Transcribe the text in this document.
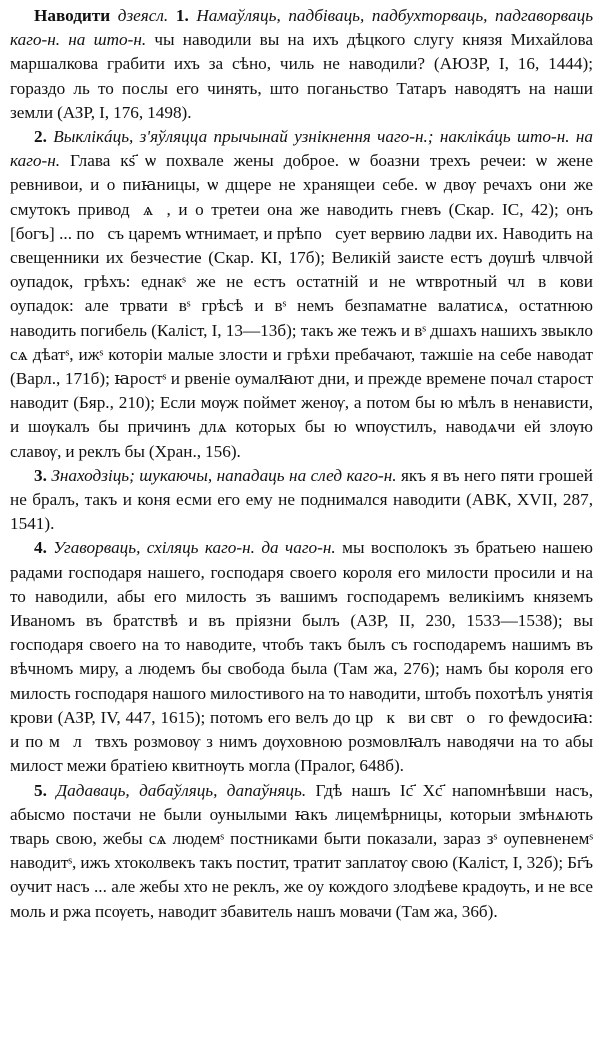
Наводити дзеясл. 1. Намаўляць, падбіваць, падбухторваць, падгаворваць каго-н. на што-н. чы наводили вы на ихъ дѣцкого слугу князя Михайлова маршалкова грабити ихъ за сѣно, чиль не наводили? (АЮЗР, І, 16, 1444); горaздо ль то послы его чинять, што поганьство Татаръ наводятъ на наши земли (АЗР, І, 176, 1498).

2. Выклікáць, з'яўляцца прычынай узнікнення чаго-н.; наклікáць што-н. на каго-н. Глава кѕ҃ ѡ похвале жены доброе. ѡ бoазни трехъ речеи: ѡ жене ревнивои, и о пиꙗницы, ѡ дщере не хранящеи себе. ѡ двѹ речахъ они же смутокъ привод︮ѧ︯, и о третеи она же наводить гневъ (Скар. ІС, 42); онъ [богъ] ... поꙁсъ царемъ ѡтнимает, и прѣпоꙁсует вервию лaдви их. Наводить на свещенники их безчестие (Скар. КІ, 17б); Великiй заисте естъ дѹшѣ члвчой оупадок, грѣхъ: еднакˢ же не естъ остатнiй и не ѡтвротный чл︮в︯кови оупадок: але трвати вˢ грѣсѣ и вˢ немъ безпаматне валатисѧ, остатнюю наводить погибель (Каліст, І, 13—13б); такъ же тежъ и вˢ дшахъ нашихъ звыкло сѧ дѣатˢ, ижˢ которiи малые злости и грѣхи пребачают, тажшiе на себе наводат (Варл., 171б); ꙗростˢ и рвенiе оумалꙗют дни, и прежде времене почал старост наводит (Бяр., 210); Если мѹж поймет женѹ, а потом бы ю мѣлъ в ненависти, и шѹкалъ бы причинъ длѧ которых бы ю ѡпѹстилъ, наводѧчи ей злѹю славѹ, и реклъ бы (Хран., 156).

3. Знаходзіць; шукаючы, нападаць на след каго-н. якъ я въ него пяти грошей не бралъ, такъ и коня есми его ему не поднимался наводити (АВК, XVII, 287, 1541).

4. Угаворваць, схіляць каго-н. да чаго-н. мы восполокъ зъ братьею нашею радами господаря нашего, господаря своего короля его милости просили и на то наводили, абы его милость зъ вашимъ господаремъ великiимъ княземъ Иваномъ въ братствѣ и въ прiязни былъ (АЗР, ІІ, 230, 1533—1538); вы господаря своего на то наводите, чтобъ такъ былъ съ господаремъ нашимъ въ вѣчномъ миру, а людемъ бы свобода была (Там жа, 276); намъ бы короля его милость господаря нашого милостивого на то наводити, штобъ похотѣлъ унятія крови (АЗР, IV, 447, 1615); потомъ его велъ до цр︮к︯ви свт︮о︯го феѡдосиꙗ: и по м︮л︯твхъ розмовѹ з нимъ дѹховною розмовлꙗлъ наводячи на то абы милост межи братiею квитнѹть могла (Пралог, 648б).

5. Дадаваць, дабаўляць, дапаўняць. Гдѣ нашъ Іс҃ Хс҃ напомнѣвши насъ, абысмо постачи не были оунылыми ꙗкъ лицемѣрницы, которыи змѣнѧють тварь свою, жебы сѧ людемˢ постниками быти показали, зараз зˢ оупевненемˢ наводитˢ, ижъ хтоколвекъ такъ постит, тратит заплатѹ свою (Каліст, І, 32б); Бг҃ъ оучит насъ ... але жебы хто не реклъ, же оу кождого злодѣеве крадѹть, и не все моль и ржа псѹеть, наводит збавитель нашъ мовачи (Там жа, 36б).
